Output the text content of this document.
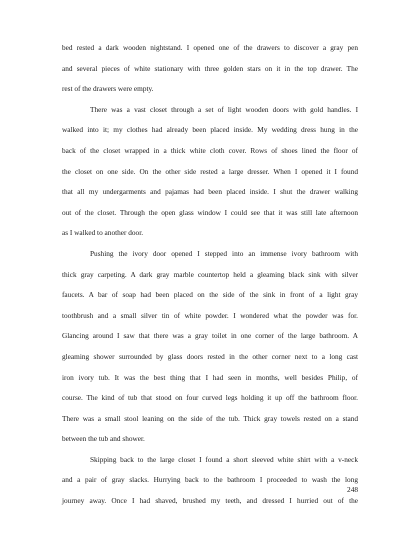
bed rested a dark wooden nightstand. I opened one of the drawers to discover a gray pen
and several pieces of white stationary with three golden stars on it in the top drawer. The
rest of the drawers were empty.
There was a vast closet through a set of light wooden doors with gold handles. I
walked into it; my clothes had already been placed inside. My wedding dress hung in the
back of the closet wrapped in a thick white cloth cover. Rows of shoes lined the floor of
the closet on one side. On the other side rested a large dresser. When I opened it I found
that all my undergarments and pajamas had been placed inside. I shut the drawer walking
out of the closet. Through the open glass window I could see that it was still late afternoon
as I walked to another door.
Pushing the ivory door opened I stepped into an immense ivory bathroom with
thick gray carpeting. A dark gray marble countertop held a gleaming black sink with silver
faucets. A bar of soap had been placed on the side of the sink in front of a light gray
toothbrush and a small silver tin of white powder. I wondered what the powder was for.
Glancing around I saw that there was a gray toilet in one corner of the large bathroom. A
gleaming shower surrounded by glass doors rested in the other corner next to a long cast
iron ivory tub. It was the best thing that I had seen in months, well besides Philip, of
course. The kind of tub that stood on four curved legs holding it up off the bathroom floor.
There was a small stool leaning on the side of the tub. Thick gray towels rested on a stand
between the tub and shower.
Skipping back to the large closet I found a short sleeved white shirt with a v-neck
and a pair of gray slacks. Hurrying back to the bathroom I proceeded to wash the long
journey away. Once I had shaved, brushed my teeth, and dressed I hurried out of the
248
